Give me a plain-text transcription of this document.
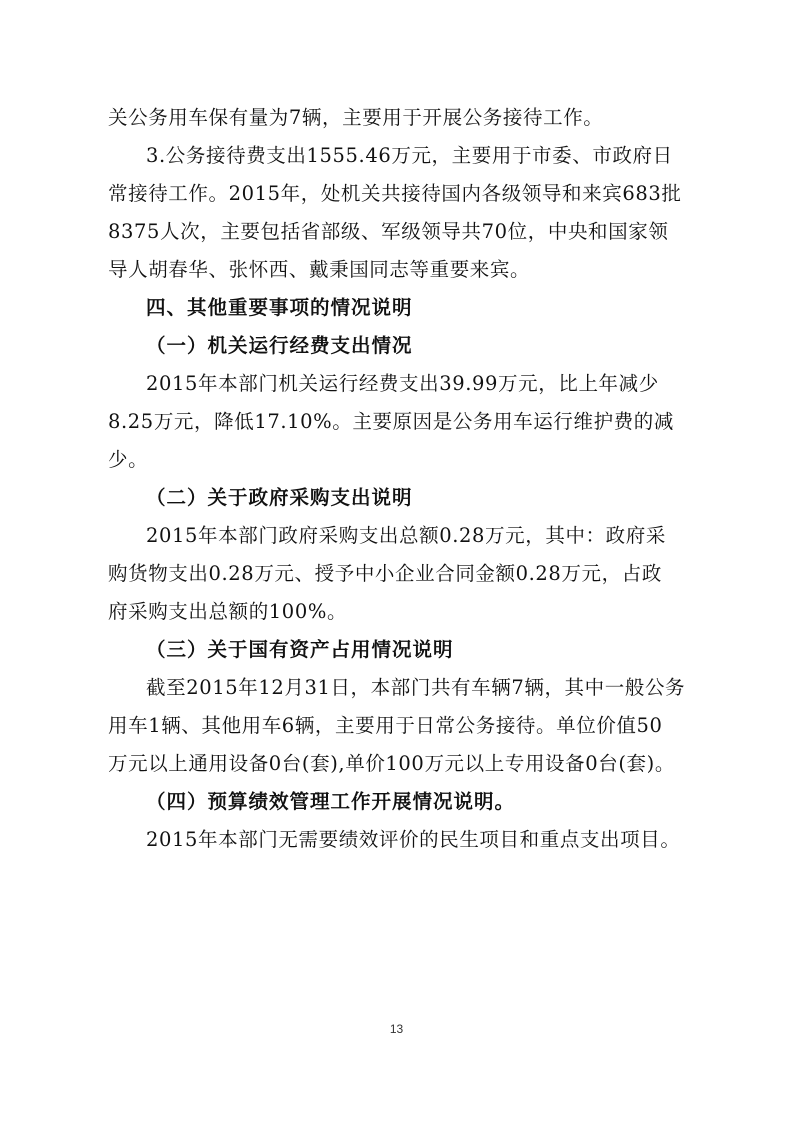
关公务用车保有量为7辆，主要用于开展公务接待工作。
3.公务接待费支出1555.46万元，主要用于市委、市政府日
常接待工作。2015年，处机关共接待国内各级领导和来宾683批
8375人次，主要包括省部级、军级领导共70位，中央和国家领
导人胡春华、张怀西、戴秉国同志等重要来宾。
四、其他重要事项的情况说明
（一）机关运行经费支出情况
2015年本部门机关运行经费支出39.99万元，比上年减少
8.25万元，降低17.10%。主要原因是公务用车运行维护费的减
少。
（二）关于政府采购支出说明
2015年本部门政府采购支出总额0.28万元，其中：政府采
购货物支出0.28万元、授予中小企业合同金额0.28万元，占政
府采购支出总额的100%。
（三）关于国有资产占用情况说明
截至2015年12月31日，本部门共有车辆7辆，其中一般公务
用车1辆、其他用车6辆，主要用于日常公务接待。单位价值50
万元以上通用设备0台(套),单价100万元以上专用设备0台(套)。
（四）预算绩效管理工作开展情况说明。
2015年本部门无需要绩效评价的民生项目和重点支出项目。
13
